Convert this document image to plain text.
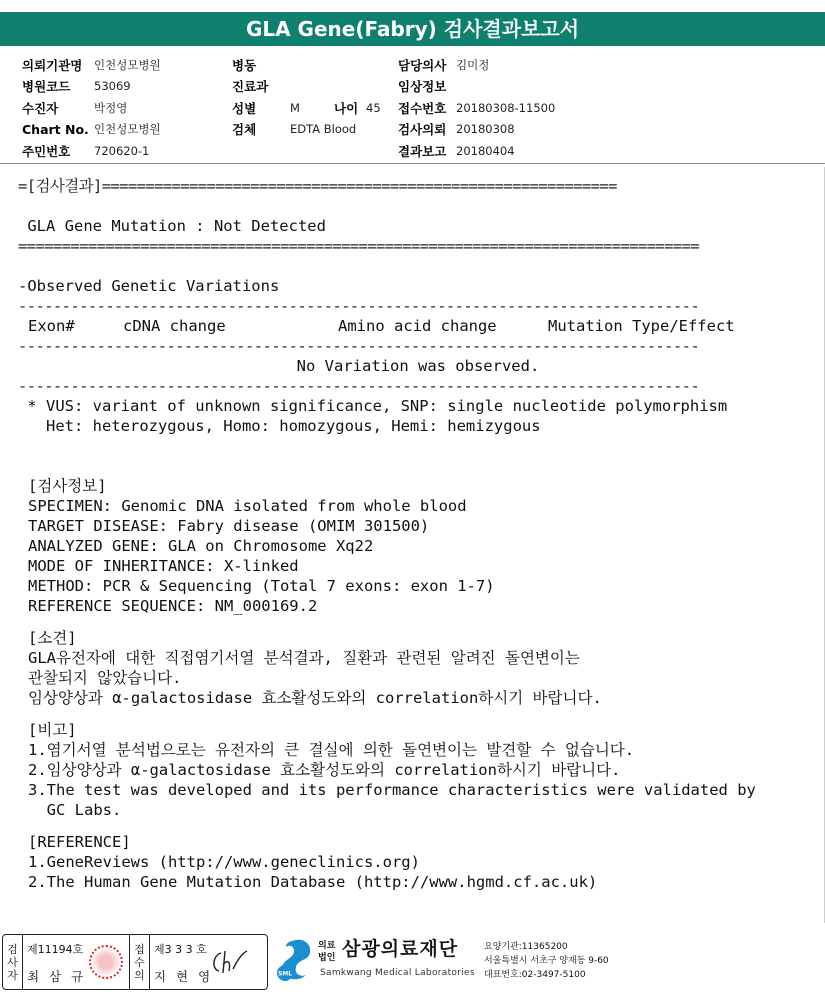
GLA Gene(Fabry) 검사결과보고서
의뢰기관명	인천성모병원
병원코드	53069
수진자	박정영
Chart No. 인천성모병원
주민번호	720620-1
병동
진료과
성별	M	나이 45
검체	EDTA Blood
담당의사 김미정
임상정보
접수번호 20180308-11500
검사의뢰 20180308
결과보고 20180404
=[검사결과]===========================================================
GLA Gene Mutation : Not Detected
==============================================================================
-Observed Genetic Variations
------------------------------------------------------------------------------
Exon#	cDNA change	Amino acid change	Mutation Type/Effect
------------------------------------------------------------------------------
No Variation was observed.
------------------------------------------------------------------------------
* VUS: variant of unknown significance, SNP: single nucleotide polymorphism
Het: heterozygous, Homo: homozygous, Hemi: hemizygous
[검사정보]
SPECIMEN: Genomic DNA isolated from whole blood
TARGET DISEASE: Fabry disease (OMIM 301500)
ANALYZED GENE: GLA on Chromosome Xq22
MODE OF INHERITANCE: X-linked
METHOD: PCR & Sequencing (Total 7 exons: exon 1-7)
REFERENCE SEQUENCE: NM_000169.2
[소견]
GLA유전자에 대한 직접염기서열 분석결과, 질환과 관련된 알려진 돌연변이는
관찰되지 않았습니다.
임상양상과 α-galactosidase 효소활성도와의 correlation하시기 바랍니다.
[비고]
1.염기서열 분석법으로는 유전자의 큰 결실에 의한 돌연변이는 발견할 수 없습니다.
2.임상양상과 α-galactosidase 효소활성도와의 correlation하시기 바랍니다.
3.The test was developed and its performance characteristics were validated by
GC Labs.
[REFERENCE]
1.GeneReviews (http://www.geneclinics.org)
2.The Human Gene Mutation Database (http://www.hgmd.cf.ac.uk)
검
사
자
제11194호
최 삼 규
접
수
의
제3 3 3 호
지 현 영	SML
의료
법인 삼광의료재단
Samkwang Medical Laboratories
요양기관:11365200
서울특별시 서초구 양재동 9-60
대표번호:02-3497-5100
